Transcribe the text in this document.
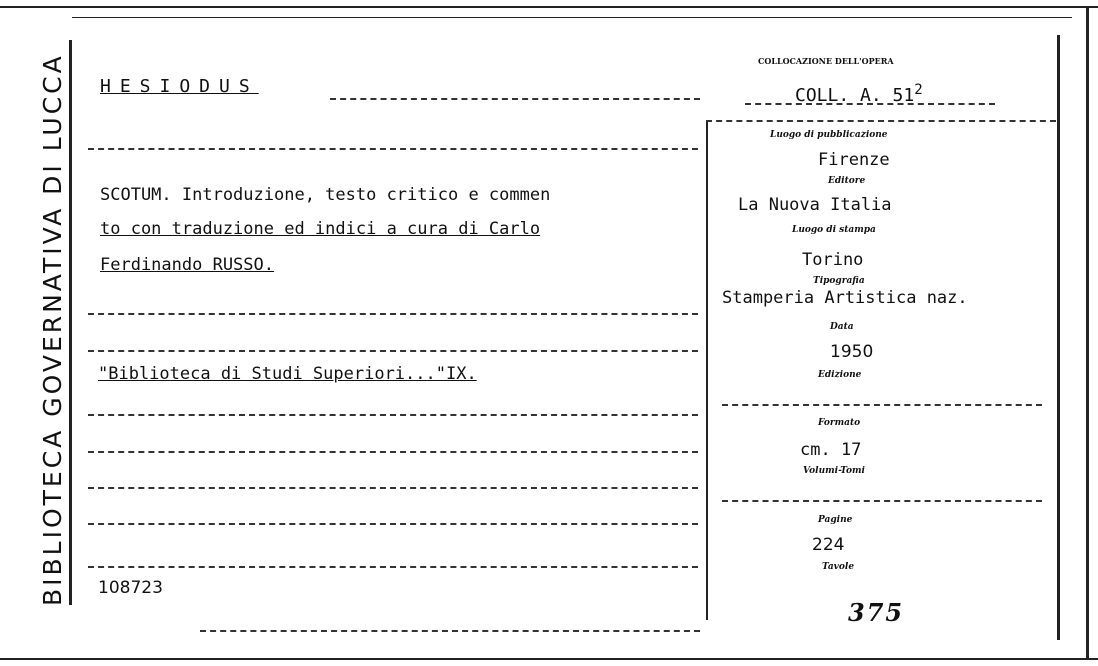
BIBLIOTECA GOVERNATIVA DI LUCCA HESIODUS
COLLOCAZIONE DELL'OPERA
COLL. A. $51^2$
SCOTUM. Introduzione, testo critico e commen
to con traduzione ed indici a cura di Carlo
Ferdinando RUSSO.
"Biblioteca di Studi Superiori..."IX.
108723
Luogo di pubblicazione
Firenze
Editore
La Nuova Italia
Luogo di stampa
Torino
Tipografia
Stamperia Artistica naz.
Data
1950
Edizione
Formato
cm. 17
Volumi-Tomi
Pagine
224
Tavole
375
